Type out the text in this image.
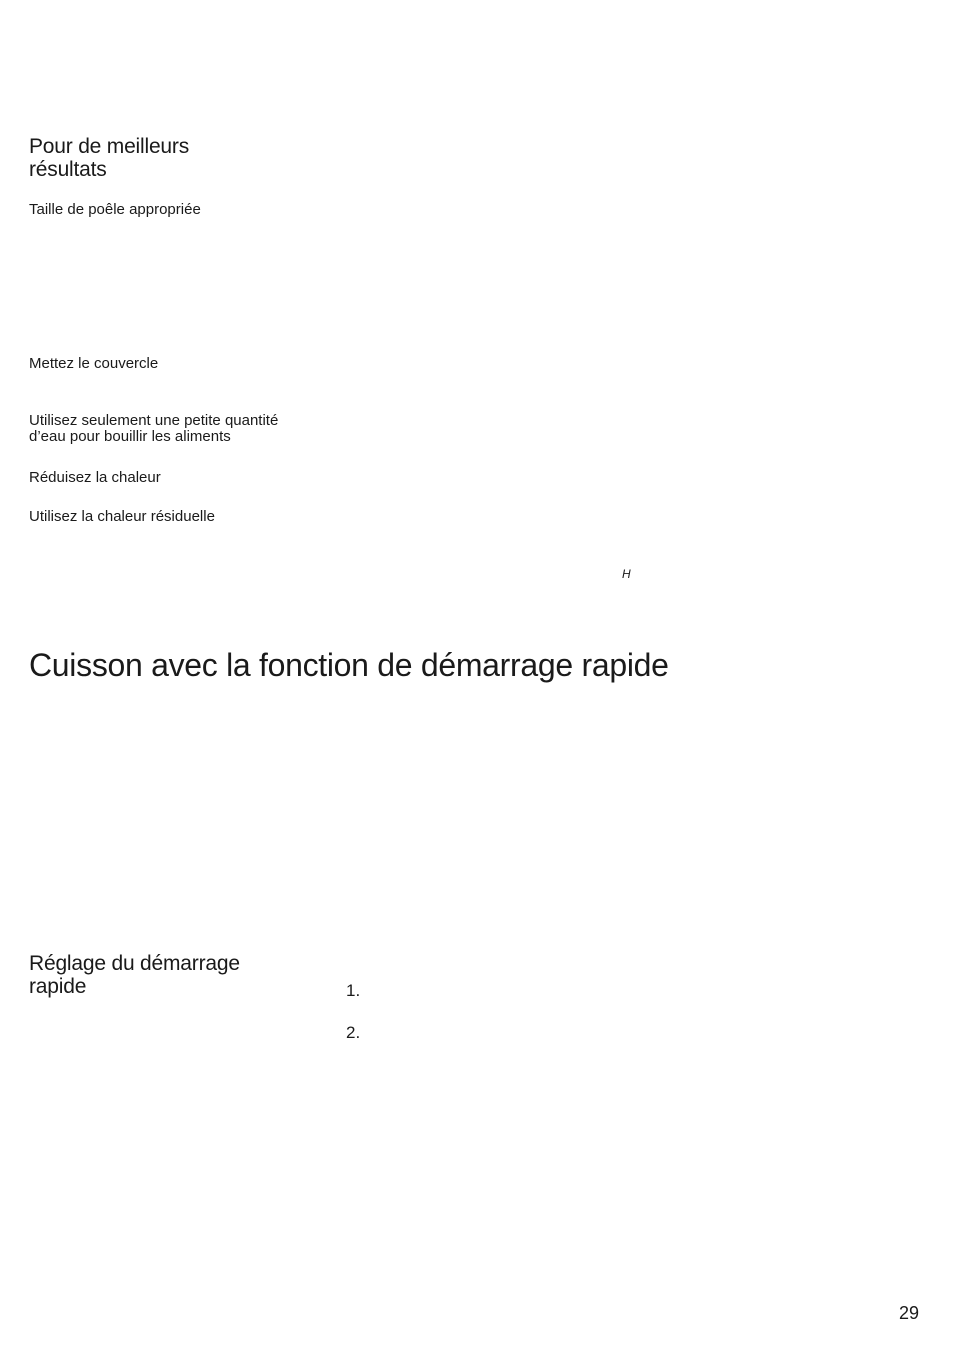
Pour de meilleurs
résultats

Taille de poêle appropriée

Mettez le couvercle

Utilisez seulement une petite quantité
d’eau pour bouillir les aliments

Réduisez la chaleur

Utilisez la chaleur résiduelle

H
Cuisson avec la fonction de démarrage rapide
Réglage du démarrage
rapide	1.
2.
29
